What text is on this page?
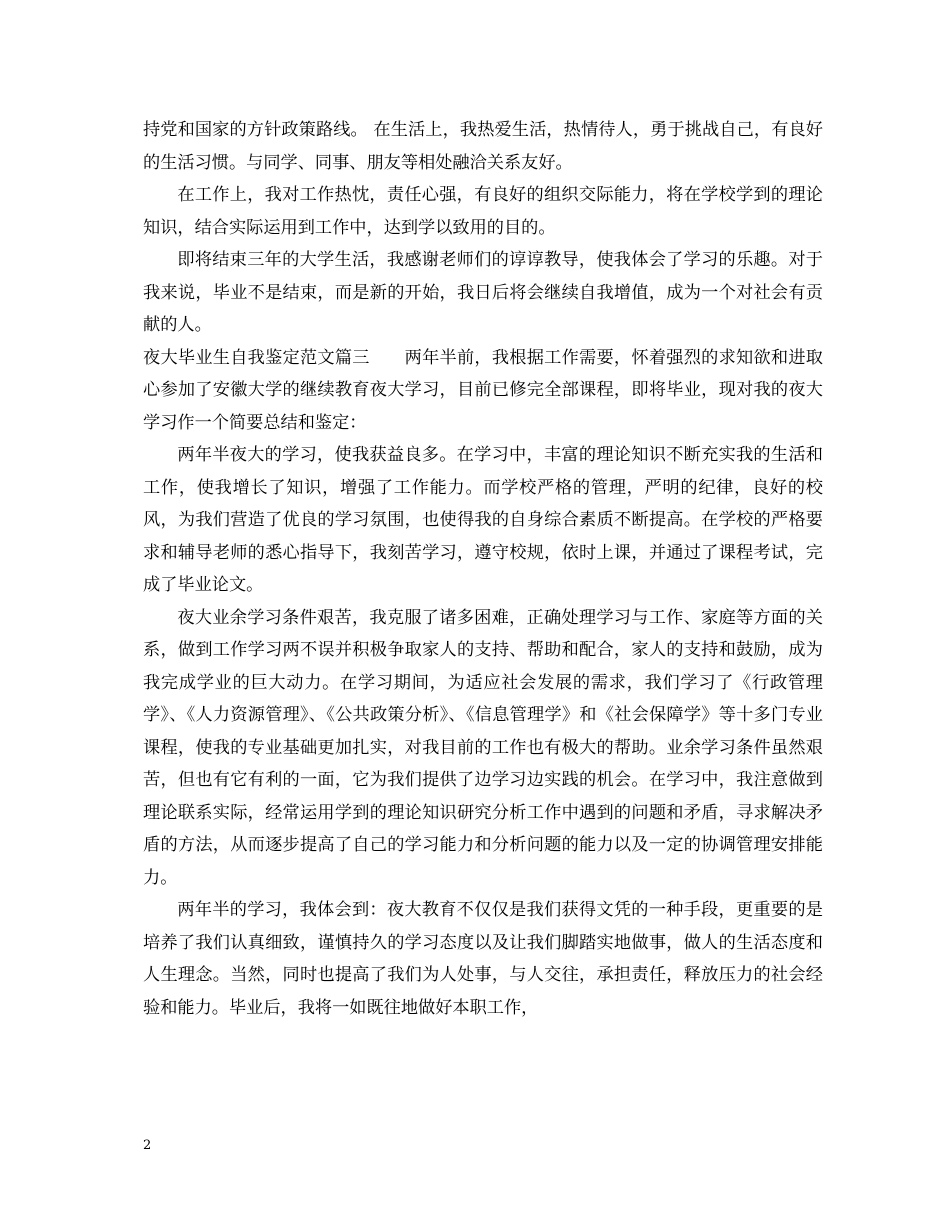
持党和国家的方针政策路线。 在生活上，我热爱生活，热情待人，勇于挑战自己，有良好的生活习惯。与同学、同事、朋友等相处融洽关系友好。

在工作上，我对工作热忱，责任心强，有良好的组织交际能力，将在学校学到的理论知识，结合实际运用到工作中，达到学以致用的目的。

即将结束三年的大学生活，我感谢老师们的谆谆教导，使我体会了学习的乐趣。对于我来说，毕业不是结束，而是新的开始，我日后将会继续自我增值，成为一个对社会有贡献的人。

夜大毕业生自我鉴定范文篇三　　两年半前，我根据工作需要，怀着强烈的求知欲和进取心参加了安徽大学的继续教育夜大学习，目前已修完全部课程，即将毕业，现对我的夜大学习作一个简要总结和鉴定：

两年半夜大的学习，使我获益良多。在学习中，丰富的理论知识不断充实我的生活和工作，使我增长了知识，增强了工作能力。而学校严格的管理，严明的纪律，良好的校风，为我们营造了优良的学习氛围，也使得我的自身综合素质不断提高。在学校的严格要求和辅导老师的悉心指导下，我刻苦学习，遵守校规，依时上课，并通过了课程考试，完成了毕业论文。

夜大业余学习条件艰苦，我克服了诸多困难，正确处理学习与工作、家庭等方面的关系，做到工作学习两不误并积极争取家人的支持、帮助和配合，家人的支持和鼓励，成为我完成学业的巨大动力。在学习期间，为适应社会发展的需求，我们学习了《行政管理学》、《人力资源管理》、《公共政策分析》、《信息管理学》和《社会保障学》等十多门专业课程，使我的专业基础更加扎实，对我目前的工作也有极大的帮助。业余学习条件虽然艰苦，但也有它有利的一面，它为我们提供了边学习边实践的机会。在学习中，我注意做到理论联系实际，经常运用学到的理论知识研究分析工作中遇到的问题和矛盾，寻求解决矛盾的方法，从而逐步提高了自己的学习能力和分析问题的能力以及一定的协调管理安排能力。

两年半的学习，我体会到：夜大教育不仅仅是我们获得文凭的一种手段，更重要的是培养了我们认真细致，谨慎持久的学习态度以及让我们脚踏实地做事，做人的生活态度和人生理念。当然，同时也提高了我们为人处事，与人交往，承担责任，释放压力的社会经验和能力。毕业后，我将一如既往地做好本职工作，

2
